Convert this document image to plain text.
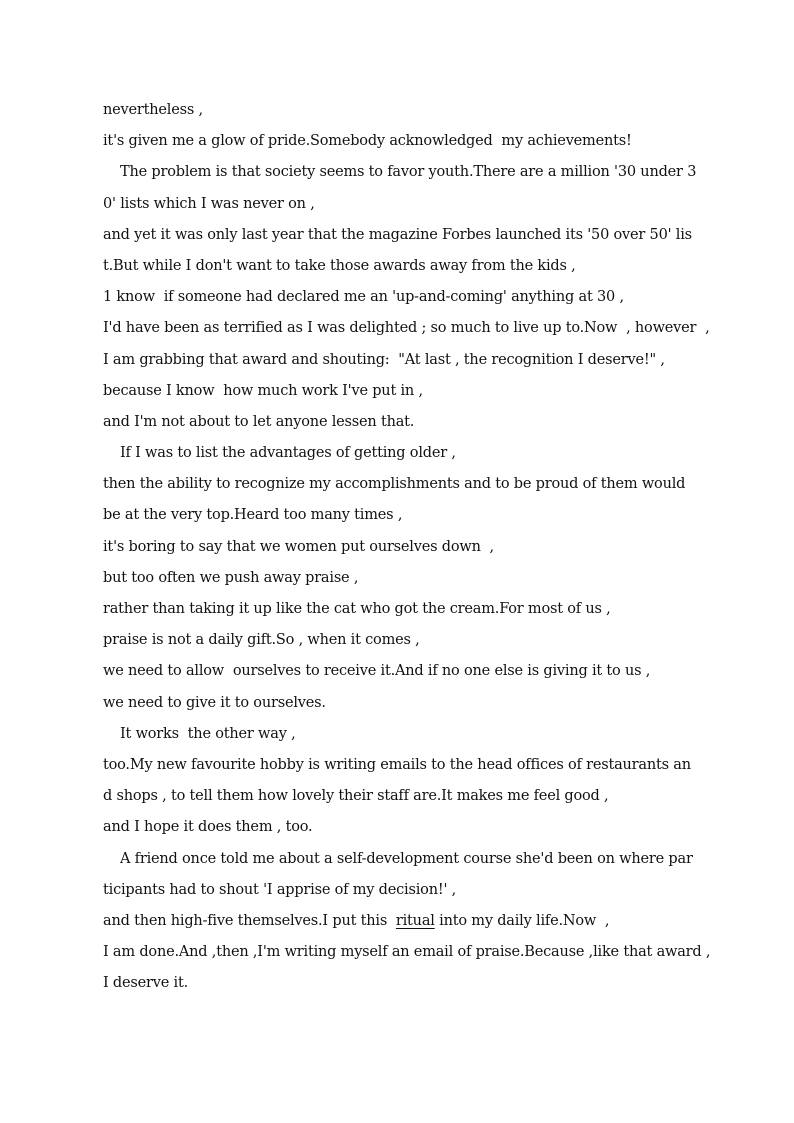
nevertheless ,
it's given me a glow of pride.Somebody acknowledged  my achievements!
The problem is that society seems to favor youth.There are a million '30 under 3
0' lists which I was never on ,
and yet it was only last year that the magazine Forbes launched its '50 over 50' lis
t.But while I don't want to take those awards away from the kids ,
1 know  if someone had declared me an 'up-and-coming' anything at 30 ,
I'd have been as terrified as I was delighted ; so much to live up to.Now  , however  ,
I am grabbing that award and shouting:  "At last , the recognition I deserve!" ,
because I know  how much work I've put in ,
and I'm not about to let anyone lessen that.
If I was to list the advantages of getting older ,
then the ability to recognize my accomplishments and to be proud of them would
be at the very top.Heard too many times ,
it's boring to say that we women put ourselves down  ,
but too often we push away praise ,
rather than taking it up like the cat who got the cream.For most of us ,
praise is not a daily gift.So , when it comes ,
we need to allow  ourselves to receive it.And if no one else is giving it to us ,
we need to give it to ourselves.
It works  the other way ,
too.My new favourite hobby is writing emails to the head offices of restaurants an
d shops , to tell them how lovely their staff are.It makes me feel good ,
and I hope it does them , too.
A friend once told me about a self-development course she'd been on where par
ticipants had to shout 'I apprise of my decision!' ,
and then high-five themselves.I put this  ritual into my daily life.Now  ,
I am done.And ,then ,I'm writing myself an email of praise.Because ,like that award ,
I deserve it.
